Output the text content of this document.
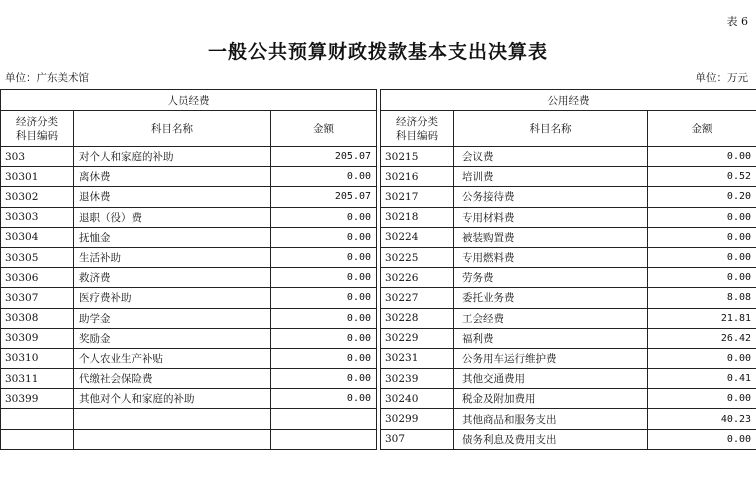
表 6
一般公共预算财政拨款基本支出决算表
单位：广东美术馆	单位：万元
人员经费		
经济分类
科目编码	科目名称	金额
303	对个人和家庭的补助	205.07
30301	离休费	0.00
30302	退休费	205.07
30303	退职（役）费	0.00
30304	抚恤金	0.00
30305	生活补助	0.00
30306	救济费	0.00
30307	医疗费补助	0.00
30308	助学金	0.00
30309	奖励金	0.00
30310	个人农业生产补贴	0.00
30311	代缴社会保险费	0.00
30399	其他对个人和家庭的补助	0.00

公用经费		
经济分类
科目编码	科目名称	金额
30215	会议费	0.00
30216	培训费	0.52
30217	公务接待费	0.20
30218	专用材料费	0.00
30224	被装购置费	0.00
30225	专用燃料费	0.00
30226	劳务费	0.00
30227	委托业务费	8.08
30228	工会经费	21.81
30229	福利费	26.42
30231	公务用车运行维护费	0.00
30239	其他交通费用	0.41
30240	税金及附加费用	0.00
30299	其他商品和服务支出	40.23
307	债务利息及费用支出	0.00
